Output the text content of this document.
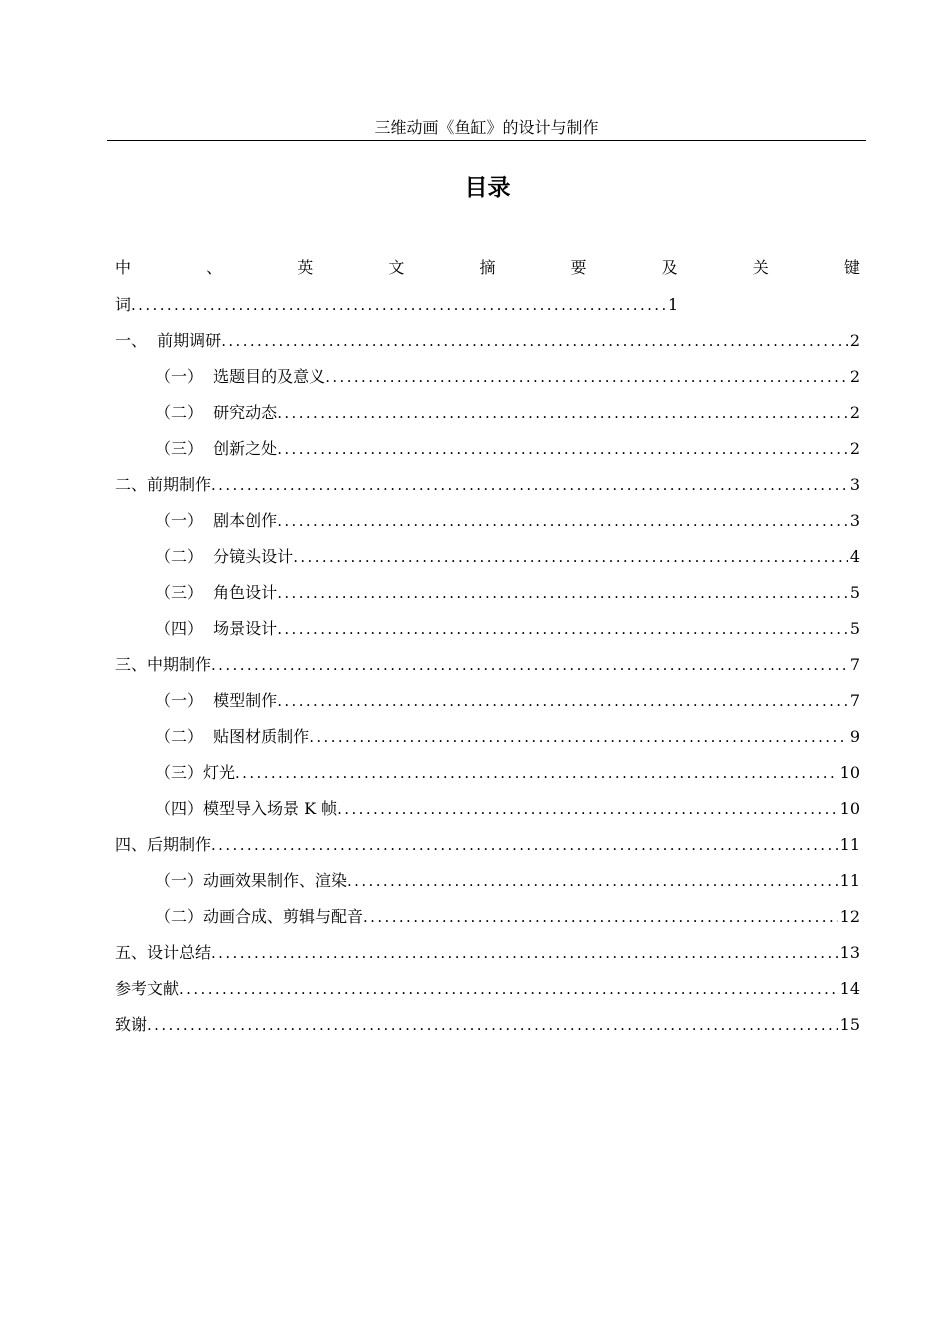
三维动画《鱼缸》的设计与制作
目录
中	、	英	文	摘	要	及	关	键
词 .....	1
一、  前期调研 .....	2
（一）  选题目的及意义 .....	2
（二）  研究动态 .....	2
（三）  创新之处 .....	2
二、前期制作 .....	3
（一）  剧本创作 .....	3
（二）  分镜头设计 .....	4
（三）  角色设计 .....	5
（四）  场景设计 .....	5
三、中期制作 .....	7
（一）  模型制作 .....	7
（二）  贴图材质制作 .....	9
（三）灯光 .....	10
（四）模型导入场景 K 帧 .....	10
四、后期制作 .....	11
（一）动画效果制作、渲染 .....	11
（二）动画合成、剪辑与配音 .....	12
五、设计总结 .....	13
参考文献 .....	14
致谢 .....	15
